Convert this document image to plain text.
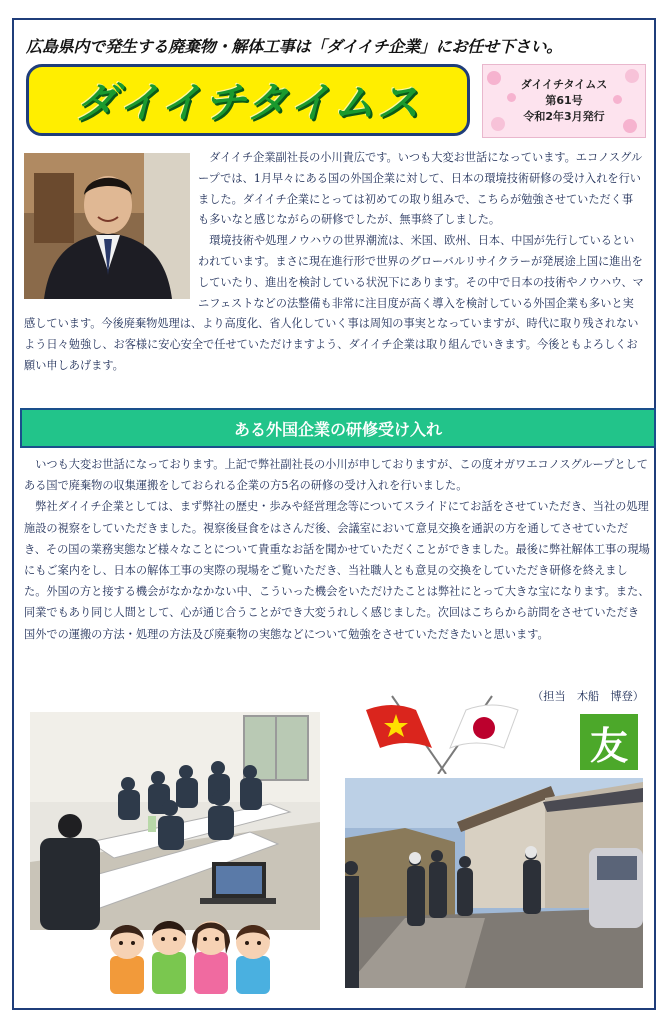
広島県内で発生する廃棄物・解体工事は「ダイイチ企業」にお任せ下さい。
ダイイチタイムス	ダイイチタイムス
第61号
令和2年3月発行

　ダイイチ企業副社長の小川貴広です。いつも大変お世話になっています。エコノスグループでは、1月早々にある国の外国企業に対して、日本の環境技術研修の受け入れを行いました。ダイイチ企業にとっては初めての取り組みで、こちらが勉強させていただく事も多いなと感じながらの研修でしたが、無事終了しました。

　環境技術や処理ノウハウの世界潮流は、米国、欧州、日本、中国が先行しているといわれています。まさに現在進行形で世界のグローバルリサイクラーが発展途上国に進出をしていたり、進出を検討している状況下にあります。その中で日本の技術やノウハウ、マニフェストなどの法整備も非常に注目度が高く導入を検討している外国企業も多いと実感しています。今後廃棄物処理は、より高度化、省人化していく事は周知の事実となっていますが、時代に取り残されないよう日々勉強し、お客様に安心安全で任せていただけますよう、ダイイチ企業は取り組んでいきます。今後ともよろしくお願い申しあげます。

ある外国企業の研修受け入れ

　いつも大変お世話になっております。上記で弊社副社長の小川が申しておりますが、この度オガワエコノスグループとしてある国で廃棄物の収集運搬をしておられる企業の方5名の研修の受け入れを行いました。

　弊社ダイイチ企業としては、まず弊社の歴史・歩みや経営理念等についてスライドにてお話をさせていただき、当社の処理施設の視察をしていただきました。視察後昼食をはさんだ後、会議室において意見交換を通訳の方を通してさせていただき、その国の業務実態など様々なことについて貴重なお話を聞かせていただくことができました。最後に弊社解体工事の現場にもご案内をし、日本の解体工事の実際の現場をご覧いただき、当社職人とも意見の交換をしていただき研修を終えました。外国の方と接する機会がなかなかない中、こういった機会をいただけたことは弊社にとって大きな宝になります。また、同業でもあり同じ人間として、心が通じ合うことができ大変うれしく感じました。次回はこちらから訪問をさせていただき国外での運搬の方法・処理の方法及び廃棄物の実態などについて勉強をさせていただきたいと思います。

（担当　木船　博登）
友
